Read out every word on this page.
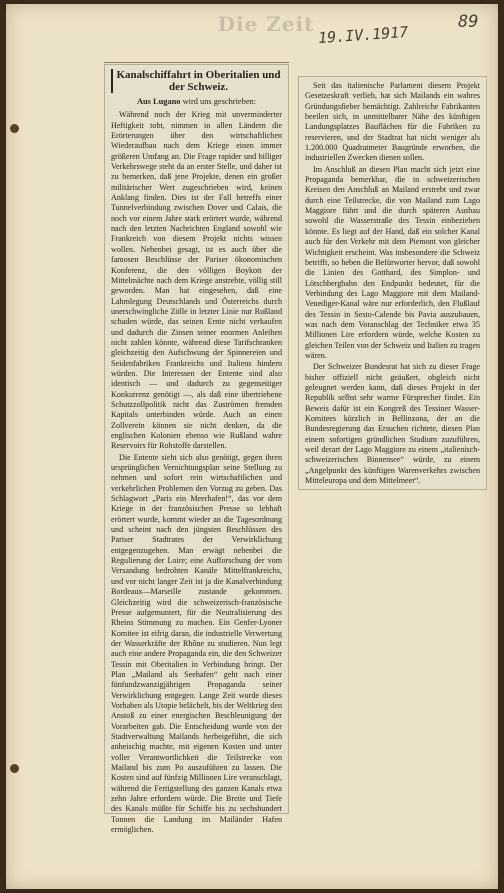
Die Zeit 19.IV.1917
89

Kanalschiffahrt in Oberitalien und der Schweiz.

Aus Lugano wird uns geschrieben:

Während noch der Krieg mit unverminderter Heftigkeit tobt, nimmen in allen Ländern die Erörterungen über den wirtschaftlichen Wiederaufbau nach dem Kriege einen immer größeren Umfang an. Die Frage rapider und billiger Verkehrswege steht da an erster Stelle, und daher ist zu bemerken, daß jene Projekte, denen ein großer militärischer Wert zugeschrieben wird, keinen Anklang finden. Dies ist der Fall betreffs einer Tunnelverbindung zwischen Dover und Calais, die noch vor einem Jahre stark erörtert wurde, während nach den letzten Nachrichten England sowohl wie Frankreich von diesem Projekt nichts wissen wollen. Nebenbei gesagt, ist es auch über die famosen Beschlüsse der Pariser ökonomischen Konferenz, die den völligen Boykott der Mittelmächte nach dem Kriege anstrebte, völlig still geworden. Man hat eingesehen, daß eine Lahmlegung Deutschlands und Österreichs durch unerschwingliche Zölle in letzter Linie nur Rußland schaden würde, das seinen Ernte nicht verkaufen und dadurch die Zinsen seiner enormen Anleihen nicht zahlen könnte, während diese Tarifschranken gleichzeitig den Aufschwung der Spinnereien und Seidenfabriken Frankreichs und Italiens hindern würden. Die Interessen der Entente sind also identisch — und dadurch zu gegenseitiger Konkurrenz genötigt —, als daß eine übertriebene Schutzzollpolitik nicht das Zuströmen fremden Kapitals unterbinden würde. Auch an einen Zollverein können sie nicht denken, da die englischen Kolonien ebenso wie Rußland wahre Reservoirs für Rohstoffe darstellen.

Die Entente sieht sich also genötigt, gegen ihren ursprünglichen Vernichtungsplan seine Stellung zu nehmen und sofort rein wirtschaftlichen und verkehrlichen Problemen den Vorzug zu geben. Das Schlagwort „Paris ein Meerhafen!“, das vor dem Kriege in der französischen Presse so lebhaft erörtert wurde, kommt wieder an die Tagesordnung und scheint nach den jüngsten Beschlüssen des Pariser Stadtrates der Verwirklichung entgegenzugehen. Man erwägt nebenbei die Regulierung der Loire; eine Aufforschung der vom Versandung bedrohten Kanäle Mittelfrankreichs, und vor nicht langer Zeit ist ja die Kanalverbindung Bordeaux—Marseille zustande gekommen. Gleichzeitig wird die schweizerisch-französische Presse aufgemuntert, für die Neutralisierung des Rheins Stimmung zu machen. Ein Genfer-Lyoner Komitee ist eifrig daran, die industrielle Verwertung der Wasserkräfte der Rhône zu studieren. Nun legt auch eine andere Propaganda ein, die den Schweizer Tessin mit Oberitalien in Verbindung bringt. Der Plan „Mailand als Seehafen“ geht nach einer fünfundzwanzigjährigen Propaganda seiner Verwirklichung entgegen. Lange Zeit wurde dieses Vorhaben als Utopie belächelt, bis der Weltkrieg den Anstoß zu einer energischen Beschleunigung der Vorarbeiten gab. Die Entscheidung wurde von der Stadtverwaltung Mailands herbeigeführt, die sich anheischig machte, mit eigenen Kosten und unter voller Verantwortlichkeit die Teilstrecke von Mailand bis zum Po auszuführen zu lassen. Die Kosten sind auf fünfzig Millionen Lire veranschlagt, während die Fertigstellung des ganzen Kanals etwa zehn Jahre erfordern würde. Die Breite und Tiefe des Kanals müßte für Schiffe bis zu sechshundert Tonnen die Landung im Mailänder Hafen ermöglichen.

Seit das italienische Parlament diesem Projekt Gesetzeskraft verlieh, hat sich Mailands ein wahres Gründungsfieber bemächtigt. Zahlreiche Fabrikanten beeilen sich, in unmittelbarer Nähe des künftigen Landungsplatzes Bauflächen für die Fabriken zu reservieren, und der Stadtrat hat nicht weniger als 1.200.000 Quadratmeter Baugründe erworben, die industriellen Zwecken dienen sollen.

Im Anschluß an diesen Plan macht sich jetzt eine Propaganda bemerkbar, die in schweizerischen Kreisen den Anschluß an Mailand erstrebt und zwar durch eine Teilstrecke, die von Mailand zum Lago Maggiore führt und die durch späteren Ausbau sowohl die Wasserstraße des Tessin einbeziehen könnte. Es liegt auf der Hand, daß ein solcher Kanal auch für den Verkehr mit dem Piemont von gleicher Wichtigkeit erscheint. Was insbesondere die Schweiz betrifft, so heben die Befürworter hervor, daß sowohl die Linien des Gotthard, des Simplon- und Lötschbergbahn den Endpunkt bedeutet, für die Verbindung des Lago Maggiore mit dem Mailand-Venediger-Kanal wäre nur erforderlich, den Flußlauf des Tessin in Sesto-Calende bis Pavia auszubauen, was nach dem Voranschlag der Techniker etwa 35 Millionen Lire erfordern würde, welche Kosten zu gleichen Teilen von der Schweiz und Italien zu tragen wären.

Der Schweizer Bundesrat hat sich zu dieser Frage bisher offiziell nicht geäußert, obgleich nicht geleugnet werden kann, daß dieses Projekt in der Republik selbst sehr warme Fürsprecher findet. Ein Beweis dafür ist ein Kongreß des Tessiner Wasser-Komitees kürzlich in Bellinzona, der an die Bundesregierung das Ersuchen richtete, diesen Plan einem sofortigen gründlichen Studium zuzuführen, weil derart der Lago Maggiore zu einem „italienisch-schweizerischen Binnensee“ würde, zu einem „Angelpunkt des künftigen Warenverkehrs zwischen Mitteleuropa und dem Mittelmeer“.
